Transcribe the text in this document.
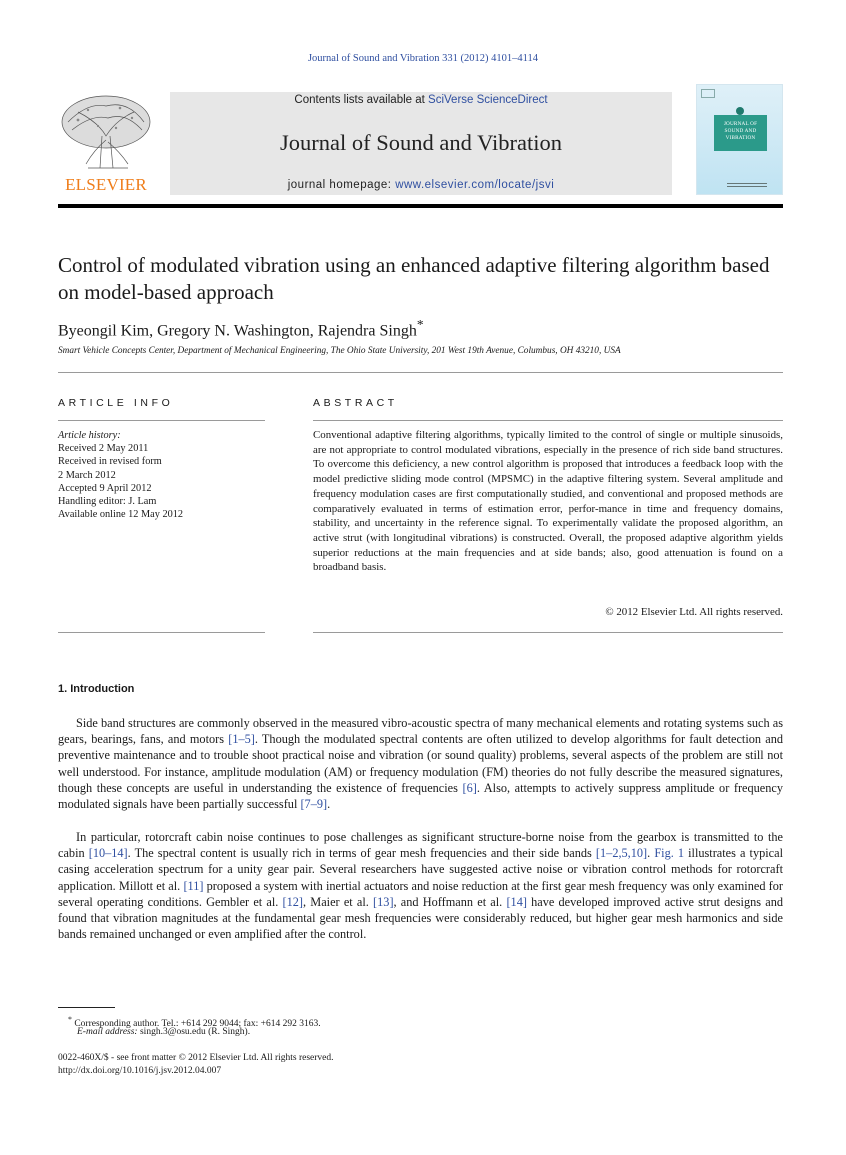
Journal of Sound and Vibration 331 (2012) 4101–4114
ELSEVIER
Contents lists available at SciVerse ScienceDirect
Journal of Sound and Vibration
journal homepage: www.elsevier.com/locate/jsvi
JOURNAL OF SOUND AND VIBRATION
Control of modulated vibration using an enhanced adaptive filtering algorithm based on model-based approach
Byeongil Kim, Gregory N. Washington, Rajendra Singh*
Smart Vehicle Concepts Center, Department of Mechanical Engineering, The Ohio State University, 201 West 19th Avenue, Columbus, OH 43210, USA
ARTICLE INFO	ABSTRACT
Article history:
Received 2 May 2011
Received in revised form
2 March 2012
Accepted 9 April 2012
Handling editor: J. Lam
Available online 12 May 2012
Conventional adaptive filtering algorithms, typically limited to the control of single or multiple sinusoids, are not appropriate to control modulated vibrations, especially in the presence of rich side band structures. To overcome this deficiency, a new control algorithm is proposed that introduces a feedback loop with the model predictive sliding mode control (MPSMC) in the adaptive filtering system. Several amplitude and frequency modulation cases are first computationally studied, and conventional and proposed methods are comparatively evaluated in terms of estimation error, perfor-mance in time and frequency domains, stability, and uncertainty in the reference signal. To experimentally validate the proposed algorithm, an active strut (with longitudinal vibrations) is constructed. Overall, the proposed adaptive algorithm yields superior reductions at the main frequencies and at side bands; also, good attenuation is found on a broadband basis.
© 2012 Elsevier Ltd. All rights reserved.
1. Introduction

Side band structures are commonly observed in the measured vibro-acoustic spectra of many mechanical elements and rotating systems such as gears, bearings, fans, and motors [1–5]. Though the modulated spectral contents are often utilized to develop algorithms for fault detection and preventive maintenance and to trouble shoot practical noise and vibration (or sound quality) problems, several aspects of the problem are still not well understood. For instance, amplitude modulation (AM) or frequency modulation (FM) theories do not fully describe the measured signatures, though these concepts are useful in understanding the existence of frequencies [6]. Also, attempts to actively suppress amplitude or frequency modulated signals have been partially successful [7–9].

In particular, rotorcraft cabin noise continues to pose challenges as significant structure-borne noise from the gearbox is transmitted to the cabin [10–14]. The spectral content is usually rich in terms of gear mesh frequencies and their side bands [1–2,5,10]. Fig. 1 illustrates a typical casing acceleration spectrum for a unity gear pair. Several researchers have suggested active noise or vibration control methods for rotorcraft application. Millott et al. [11] proposed a system with inertial actuators and noise reduction at the first gear mesh frequency was only examined for several operating conditions. Gembler et al. [12], Maier et al. [13], and Hoffmann et al. [14] have developed improved active strut designs and found that vibration magnitudes at the fundamental gear mesh frequencies were considerably reduced, but higher gear mesh harmonics and side bands remained unchanged or even amplified after the control.

* Corresponding author. Tel.: +614 292 9044; fax: +614 292 3163.
E-mail address: singh.3@osu.edu (R. Singh).
0022-460X/$ - see front matter © 2012 Elsevier Ltd. All rights reserved.
http://dx.doi.org/10.1016/j.jsv.2012.04.007
